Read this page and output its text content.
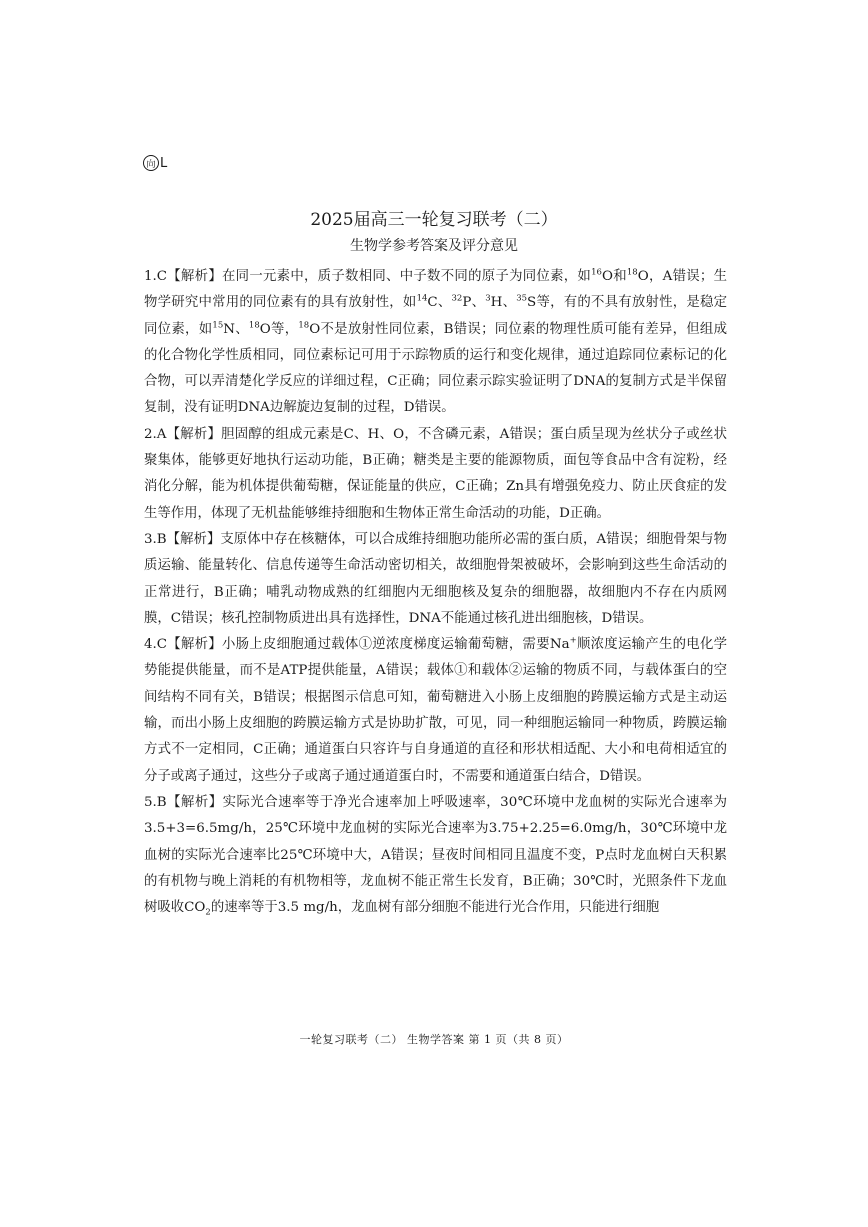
向 L
2025届高三一轮复习联考（二）
生物学参考答案及评分意见

1.C【解析】在同一元素中，质子数相同、中子数不同的原子为同位素，如$^{16}$O和$^{18}$O，A错误；生物学研究中常用的同位素有的具有放射性，如$^{14}$C、$^{32}$P、$^3$H、$^{35}$S等，有的不具有放射性，是稳定同位素，如$^{15}$N、$^{18}$O等，$^{18}$O不是放射性同位素，B错误；同位素的物理性质可能有差异，但组成的化合物化学性质相同，同位素标记可用于示踪物质的运行和变化规律，通过追踪同位素标记的化合物，可以弄清楚化学反应的详细过程，C正确；同位素示踪实验证明了DNA的复制方式是半保留复制，没有证明DNA边解旋边复制的过程，D错误。

2.A【解析】胆固醇的组成元素是C、H、O，不含磷元素，A错误；蛋白质呈现为丝状分子或丝状聚集体，能够更好地执行运动功能，B正确；糖类是主要的能源物质，面包等食品中含有淀粉，经消化分解，能为机体提供葡萄糖，保证能量的供应，C正确；Zn具有增强免疫力、防止厌食症的发生等作用，体现了无机盐能够维持细胞和生物体正常生命活动的功能，D正确。

3.B【解析】支原体中存在核糖体，可以合成维持细胞功能所必需的蛋白质，A错误；细胞骨架与物质运输、能量转化、信息传递等生命活动密切相关，故细胞骨架被破坏，会影响到这些生命活动的正常进行，B正确；哺乳动物成熟的红细胞内无细胞核及复杂的细胞器，故细胞内不存在内质网膜，C错误；核孔控制物质进出具有选择性，DNA不能通过核孔进出细胞核，D错误。

4.C【解析】小肠上皮细胞通过载体①逆浓度梯度运输葡萄糖，需要Na+顺浓度运输产生的电化学势能提供能量，而不是ATP提供能量，A错误；载体①和载体②运输的物质不同，与载体蛋白的空间结构不同有关，B错误；根据图示信息可知，葡萄糖进入小肠上皮细胞的跨膜运输方式是主动运输，而出小肠上皮细胞的跨膜运输方式是协助扩散，可见，同一种细胞运输同一种物质，跨膜运输方式不一定相同，C正确；通道蛋白只容许与自身通道的直径和形状相适配、大小和电荷相适宜的分子或离子通过，这些分子或离子通过通道蛋白时，不需要和通道蛋白结合，D错误。

5.B【解析】实际光合速率等于净光合速率加上呼吸速率，30℃环境中龙血树的实际光合速率为3.5+3=6.5mg/h，25℃环境中龙血树的实际光合速率为3.75+2.25=6.0mg/h，30℃环境中龙血树的实际光合速率比25℃环境中大，A错误；昼夜时间相同且温度不变，P点时龙血树白天积累的有机物与晚上消耗的有机物相等，龙血树不能正常生长发育，B正确；30℃时，光照条件下龙血树吸收$CO_2$的速率等于3.5 mg/h，龙血树有部分细胞不能进行光合作用，只能进行细胞

一轮复习联考（二） 生物学答案 第 1 页（共 8 页）
